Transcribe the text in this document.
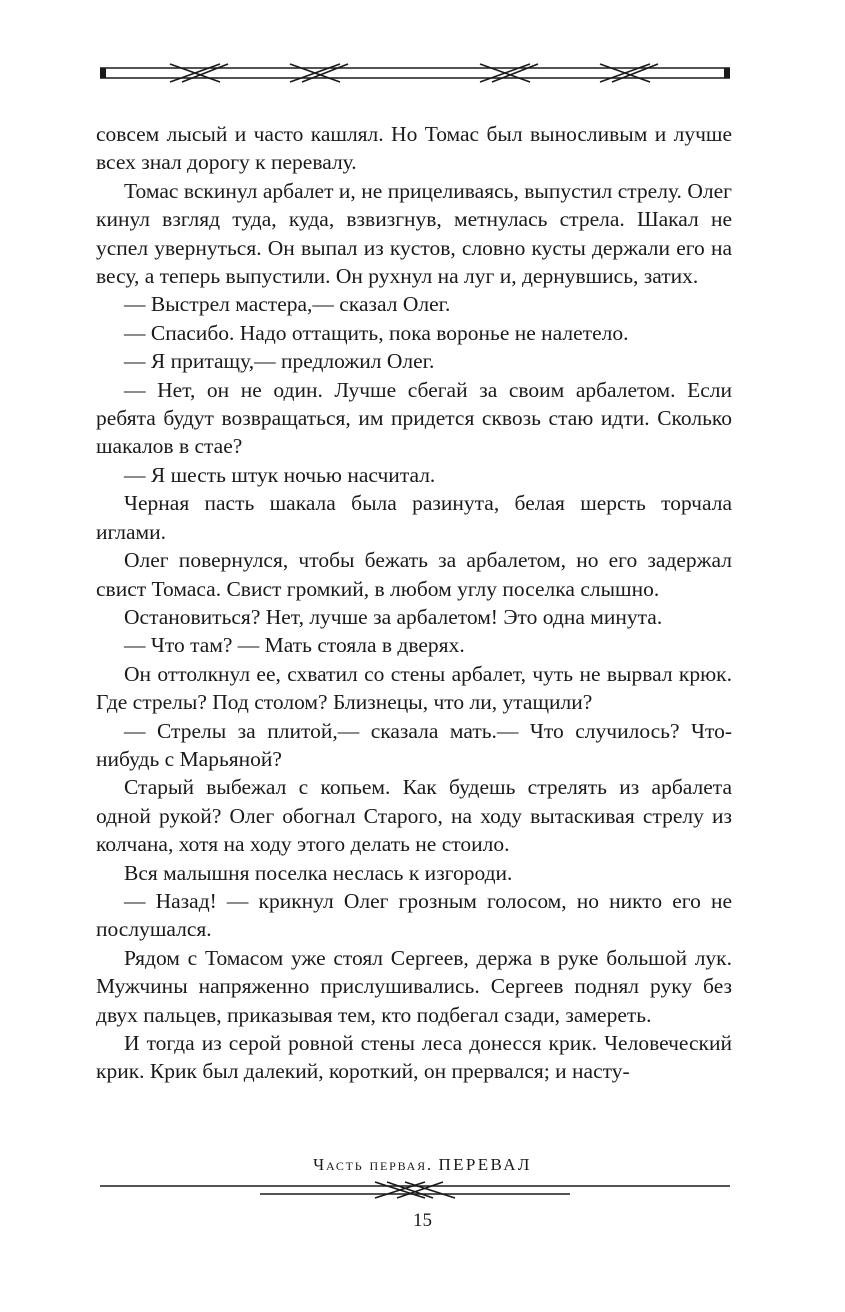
совсем лысый и часто кашлял. Но Томас был выносливым и лучше всех знал дорогу к перевалу.

Томас вскинул арбалет и, не прицеливаясь, выпустил стрелу. Олег кинул взгляд туда, куда, взвизгнув, метнулась стрела. Шакал не успел увернуться. Он выпал из кустов, словно кусты держали его на весу, а теперь выпустили. Он рухнул на луг и, дернувшись, затих.

— Выстрел мастера,— сказал Олег.

— Спасибо. Надо оттащить, пока воронье не налетело.

— Я притащу,— предложил Олег.

— Нет, он не один. Лучше сбегай за своим арбалетом. Если ребята будут возвращаться, им придется сквозь стаю идти. Сколько шакалов в стае?

— Я шесть штук ночью насчитал.

Черная пасть шакала была разинута, белая шерсть торчала иглами.

Олег повернулся, чтобы бежать за арбалетом, но его задержал свист Томаса. Свист громкий, в любом углу поселка слышно.

Остановиться? Нет, лучше за арбалетом! Это одна минута.

— Что там? — Мать стояла в дверях.

Он оттолкнул ее, схватил со стены арбалет, чуть не вырвал крюк. Где стрелы? Под столом? Близнецы, что ли, утащили?

— Стрелы за плитой,— сказала мать.— Что случилось? Чтонибудь с Марьяной?

Старый выбежал с копьем. Как будешь стрелять из арбалета одной рукой? Олег обогнал Старого, на ходу вытаскивая стрелу из колчана, хотя на ходу этого делать не стоило.

Вся малышня поселка неслась к изгороди.

— Назад! — крикнул Олег грозным голосом, но никто его не послушался.

Рядом с Томасом уже стоял Сергеев, держа в руке большой лук. Мужчины напряженно прислушивались. Сергеев поднял руку без двух пальцев, приказывая тем, кто подбегал сзади, замереть.

И тогда из серой ровной стены леса донесся крик. Человеческий крик. Крик был далекий, короткий, он прервался; и насту-

Часть первая. ПЕРЕВАЛ
15
